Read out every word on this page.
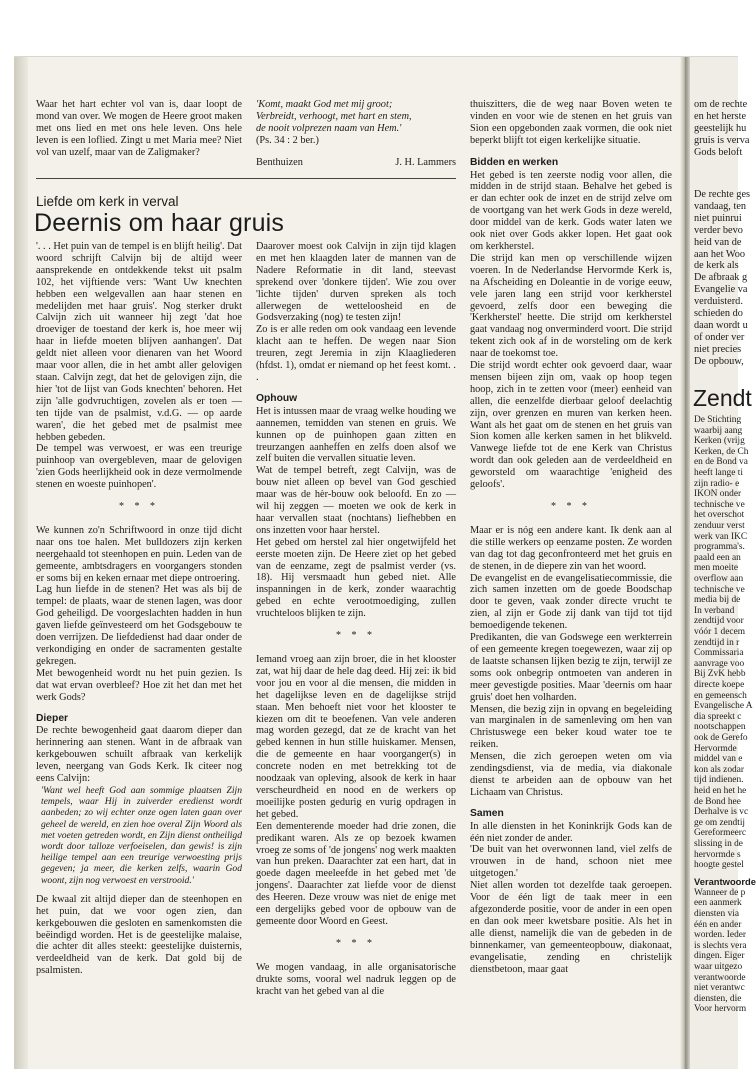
Waar het hart echter vol van is, daar loopt de mond van over. We mogen de Heere groot maken met ons lied en met ons hele leven. Ons hele leven is een loflied. Zingt u met Maria mee? Niet vol van uzelf, maar van de Zaligmaker?

'Komt, maakt God met mij groot;
Verbreidt, verhoogt, met hart en stem,
de nooit volprezen naam van Hem.'
(Ps. 34 : 2 ber.)
Benthuizen	J. H. Lammers
Liefde om kerk in verval
Deernis om haar gruis

'. . . Het puin van de tempel is en blijft heilig'. Dat woord schrijft Calvijn bij de altijd weer aansprekende en ontdekkende tekst uit psalm 102, het vijftiende vers: 'Want Uw knechten hebben een welgevallen aan haar stenen en medelijden met haar gruis'. Nog sterker drukt Calvijn zich uit wanneer hij zegt 'dat hoe droeviger de toestand der kerk is, hoe meer wij haar in liefde moeten blijven aanhangen'. Dat geldt niet alleen voor dienaren van het Woord maar voor allen, die in het ambt aller gelovigen staan. Calvijn zegt, dat het de gelovigen zijn, die hier 'tot de lijst van Gods knechten' behoren. Het zijn 'alle godvruchtigen, zovelen als er toen — ten tijde van de psalmist, v.d.G. — op aarde waren', die het gebed met de psalmist mee hebben gebeden.

De tempel was verwoest, er was een treurige puinhoop van overgebleven, maar de gelovigen 'zien Gods heerlijkheid ook in deze vermolmende stenen en woeste puinhopen'.

* * *

We kunnen zo'n Schriftwoord in onze tijd dicht naar ons toe halen. Met bulldozers zijn kerken neergehaald tot steenhopen en puin. Leden van de gemeente, ambtsdragers en voorgangers stonden er soms bij en keken ernaar met diepe ontroering.

Lag hun liefde in de stenen? Het was als bij de tempel: de plaats, waar de stenen lagen, was door God geheiligd. De voorgeslachten hadden in hun gaven liefde geïnvesteerd om het Godsgebouw te doen verrijzen. De liefdedienst had daar onder de verkondiging en onder de sacramenten gestalte gekregen.

Met bewogenheid wordt nu het puin gezien. Is dat wat ervan overbleef? Hoe zit het dan met het werk Gods?

Dieper

De rechte bewogenheid gaat daarom dieper dan herinnering aan stenen. Want in de afbraak van kerkgebouwen schuilt afbraak van kerkelijk leven, neergang van Gods Kerk. Ik citeer nog eens Calvijn:

'Want wel heeft God aan sommige plaatsen Zijn tempels, waar Hij in zuiverder eredienst wordt aanbeden; zo wij echter onze ogen laten gaan over geheel de wereld, en zien hoe overal Zijn Woord als met voeten getreden wordt, en Zijn dienst ontheiligd wordt door talloze verfoeiselen, dan gewis! is zijn heilige tempel aan een treurige verwoesting prijs gegeven; ja meer, die kerken zelfs, waarin God woont, zijn nog verwoest en verstrooid.'

De kwaal zit altijd dieper dan de steenhopen en het puin, dat we voor ogen zien, dan kerkgebouwen die gesloten en samenkomsten die beëindigd worden. Het is de geestelijke malaise, die achter dit alles steekt: geestelijke duisternis, verdeeldheid van de kerk. Dat gold bij de psalmisten.

Daarover moest ook Calvijn in zijn tijd klagen en met hen klaagden later de mannen van de Nadere Reformatie in dit land, steevast sprekend over 'donkere tijden'. Wie zou over 'lichte tijden' durven spreken als toch allerwegen de wetteloosheid en de Godsverzaking (nog) te testen zijn!

Zo is er alle reden om ook vandaag een levende klacht aan te heffen. De wegen naar Sion treuren, zegt Jeremia in zijn Klaagliederen (hfdst. 1), omdat er niemand op het feest komt. . .

Ophouw

Het is intussen maar de vraag welke houding we aannemen, temidden van stenen en gruis. We kunnen op de puinhopen gaan zitten en treurzangen aanheffen en zelfs doen alsof we zelf buiten die vervallen situatie leven.

Wat de tempel betreft, zegt Calvijn, was de bouw niet alleen op bevel van God geschied maar was de hèr-bouw ook beloofd. En zo — wil hij zeggen — moeten we ook de kerk in haar vervallen staat (nochtans) liefhebben en ons inzetten voor haar herstel.

Het gebed om herstel zal hier ongetwijfeld het eerste moeten zijn. De Heere ziet op het gebed van de eenzame, zegt de psalmist verder (vs. 18). Hij versmaadt hun gebed niet. Alle inspanningen in de kerk, zonder waarachtig gebed en echte verootmoediging, zullen vruchteloos blijken te zijn.

* * *

Iemand vroeg aan zijn broer, die in het klooster zat, wat hij daar de hele dag deed. Hij zei: ik bid voor jou en voor al die mensen, die midden in het dagelijkse leven en de dagelijkse strijd staan. Men behoeft niet voor het klooster te kiezen om dit te beoefenen. Van vele anderen mag worden gezegd, dat ze de kracht van het gebed kennen in hun stille huiskamer. Mensen, die de gemeente en haar voorganger(s) in concrete noden en met betrekking tot de noodzaak van opleving, alsook de kerk in haar verscheurdheid en nood en de werkers op moeilijke posten gedurig en vurig opdragen in het gebed.

Een dementerende moeder had drie zonen, die predikant waren. Als ze op bezoek kwamen vroeg ze soms of 'de jongens' nog werk maakten van hun preken. Daarachter zat een hart, dat in goede dagen meeleefde in het gebed met 'de jongens'. Daarachter zat liefde voor de dienst des Heeren. Deze vrouw was niet de enige met een dergelijks gebed voor de opbouw van de gemeente door Woord en Geest.

* * *

We mogen vandaag, in alle organisatorische drukte soms, vooral wel nadruk leggen op de kracht van het gebed van al die

thuiszitters, die de weg naar Boven weten te vinden en voor wie de stenen en het gruis van Sion een opgebonden zaak vormen, die ook niet beperkt blijft tot eigen kerkelijke situatie.

Bidden en werken

Het gebed is ten zeerste nodig voor allen, die midden in de strijd staan. Behalve het gebed is er dan echter ook de inzet en de strijd zelve om de voortgang van het werk Gods in deze wereld, door middel van de kerk. Gods water laten we ook niet over Gods akker lopen. Het gaat ook om kerkherstel.

Die strijd kan men op verschillende wijzen voeren. In de Nederlandse Hervormde Kerk is, na Afscheiding en Doleantie in de vorige eeuw, vele jaren lang een strijd voor kerkherstel gevoerd, zelfs door een beweging die 'Kerkherstel' heette. Die strijd om kerkherstel gaat vandaag nog onverminderd voort. Die strijd tekent zich ook af in de worsteling om de kerk naar de toekomst toe.

Die strijd wordt echter ook gevoerd daar, waar mensen bijeen zijn om, vaak op hoop tegen hoop, zich in te zetten voor (meer) eenheid van allen, die eenzelfde dierbaar geloof deelachtig zijn, over grenzen en muren van kerken heen. Want als het gaat om de stenen en het gruis van Sion komen alle kerken samen in het blikveld. Vanwege liefde tot de ene Kerk van Christus wordt dan ook geleden aan de verdeeldheid en geworsteld om waarachtige 'enigheid des geloofs'.

* * *

Maar er is nóg een andere kant. Ik denk aan al die stille werkers op eenzame posten. Ze worden van dag tot dag geconfronteerd met het gruis en de stenen, in de diepere zin van het woord.

De evangelist en de evangelisatiecommissie, die zich samen inzetten om de goede Boodschap door te geven, vaak zonder directe vrucht te zien, al zijn er Gode zij dank van tijd tot tijd bemoedigende tekenen.

Predikanten, die van Godswege een werkterrein of een gemeente kregen toegewezen, waar zij op de laatste schansen lijken bezig te zijn, terwijl ze soms ook onbegrip ontmoeten van anderen in meer gevestigde posities. Maar 'deernis om haar gruis' doet hen volharden.

Mensen, die bezig zijn in opvang en begeleiding van marginalen in de samenleving om hen van Christuswege een beker koud water toe te reiken.

Mensen, die zich geroepen weten om via zendingsdienst, via de media, via diakonale dienst te arbeiden aan de opbouw van het Lichaam van Christus.

Samen

In alle diensten in het Koninkrijk Gods kan de één niet zonder de ander.

'De buit van het overwonnen land, viel zelfs de vrouwen in de hand, schoon niet mee uitgetogen.'

Niet allen worden tot dezelfde taak geroepen. Voor de één ligt de taak meer in een afgezonderde positie, voor de ander in een open en dan ook meer kwetsbare positie. Als het in alle dienst, namelijk die van de gebeden in de binnenkamer, van gemeenteopbouw, diakonaat, evangelisatie, zending en christelijk dienstbetoon, maar gaat

om de rechte
en het herste
geestelijk hu
gruis is verva
Gods beloft
De rechte ges
vandaag, ten
niet puinrui
verder bevo
heid van de
aan het Woo
de kerk als
De afbraak g
Evangelie va
verduisterd.
schieden do
daan wordt u
of onder ver
niet precies
De opbouw,
Zendt
De Stichting
waarbij aang
Kerken (vrijg
Kerken, de Ch
en de Bond va
heeft lange ti
zijn radio- e
IKON onder
technische ve
het overschot
zenduur verst
werk van IKC
programma's.
paald een an
men moeite
overflow aan
technische ve
media bij de
In verband
zendtijd voor
vóór 1 decem
zendtijd in r
Commissaria
aanvrage voo
Bij ZvK hebb
directe koepe
en gemeensch
Evangelische A
dia spreekt c
nootschappen
ook de Gerefo
Hervormde
middel van e
kon als zodar
tijd indienen.
heid en het he
de Bond hee
Derhalve is vc
ge om zendtij
Gereformeerc
slissing in de
hervormde s
hoogte gestel
Verantwoorde
Wanneer de p
een aanmerk
diensten via
één en ander
worden. Ieder
is slechts vera
dingen. Eiger
waar uitgezo
verantwoorde
niet verantwc
diensten, die
Voor hervorm
